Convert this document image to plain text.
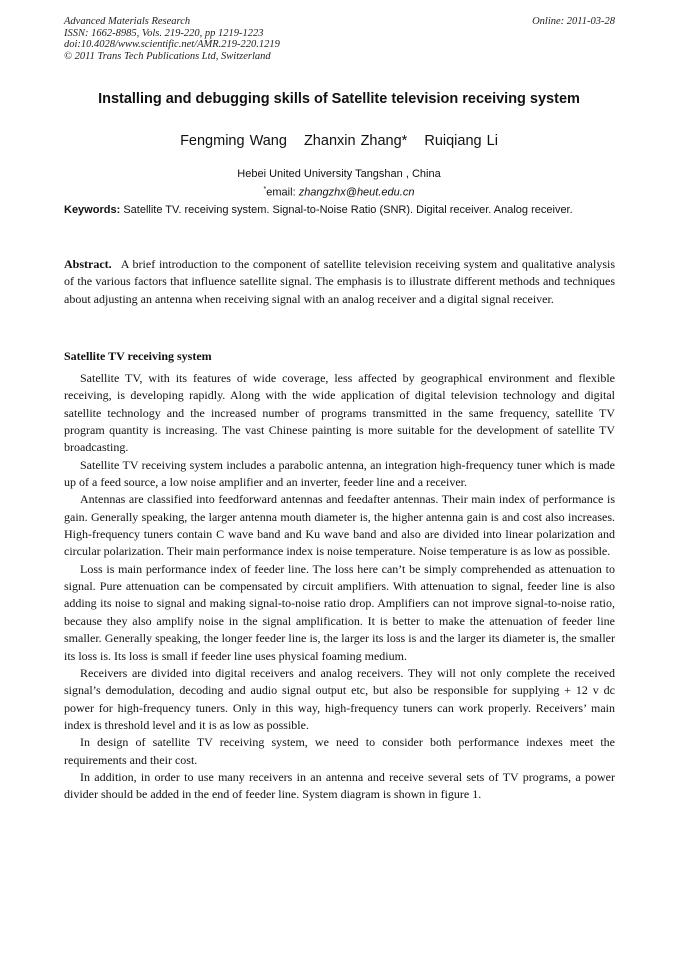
Advanced Materials Research
ISSN: 1662-8985, Vols. 219-220, pp 1219-1223
doi:10.4028/www.scientific.net/AMR.219-220.1219
© 2011 Trans Tech Publications Ltd, Switzerland
Online: 2011-03-28
Installing and debugging skills of Satellite television receiving system
Fengming Wang Zhanxin Zhang* Ruiqiang Li
Hebei United University Tangshan , China
*email: zhangzhx@heut.edu.cn
Keywords: Satellite TV. receiving system. Signal-to-Noise Ratio (SNR). Digital receiver. Analog receiver.
Abstract. A brief introduction to the component of satellite television receiving system and qualitative analysis of the various factors that influence satellite signal. The emphasis is to illustrate different methods and techniques about adjusting an antenna when receiving signal with an analog receiver and a digital signal receiver.
Satellite TV receiving system

Satellite TV, with its features of wide coverage, less affected by geographical environment and flexible receiving, is developing rapidly. Along with the wide application of digital television technology and digital satellite technology and the increased number of programs transmitted in the same frequency, satellite TV program quantity is increasing. The vast Chinese painting is more suitable for the development of satellite TV broadcasting.

Satellite TV receiving system includes a parabolic antenna, an integration high-frequency tuner which is made up of a feed source, a low noise amplifier and an inverter, feeder line and a receiver.

Antennas are classified into feedforward antennas and feedafter antennas. Their main index of performance is gain. Generally speaking, the larger antenna mouth diameter is, the higher antenna gain is and cost also increases. High-frequency tuners contain C wave band and Ku wave band and also are divided into linear polarization and circular polarization. Their main performance index is noise temperature. Noise temperature is as low as possible.

Loss is main performance index of feeder line. The loss here can’t be simply comprehended as attenuation to signal. Pure attenuation can be compensated by circuit amplifiers. With attenuation to signal, feeder line is also adding its noise to signal and making signal-to-noise ratio drop. Amplifiers can not improve signal-to-noise ratio, because they also amplify noise in the signal amplification. It is better to make the attenuation of feeder line smaller. Generally speaking, the longer feeder line is, the larger its loss is and the larger its diameter is, the smaller its loss is. Its loss is small if feeder line uses physical foaming medium.

Receivers are divided into digital receivers and analog receivers. They will not only complete the received signal’s demodulation, decoding and audio signal output etc, but also be responsible for supplying + 12 v dc power for high-frequency tuners. Only in this way, high-frequency tuners can work properly. Receivers’ main index is threshold level and it is as low as possible.

In design of satellite TV receiving system, we need to consider both performance indexes meet the requirements and their cost.

In addition, in order to use many receivers in an antenna and receive several sets of TV programs, a power divider should be added in the end of feeder line. System diagram is shown in figure 1.
